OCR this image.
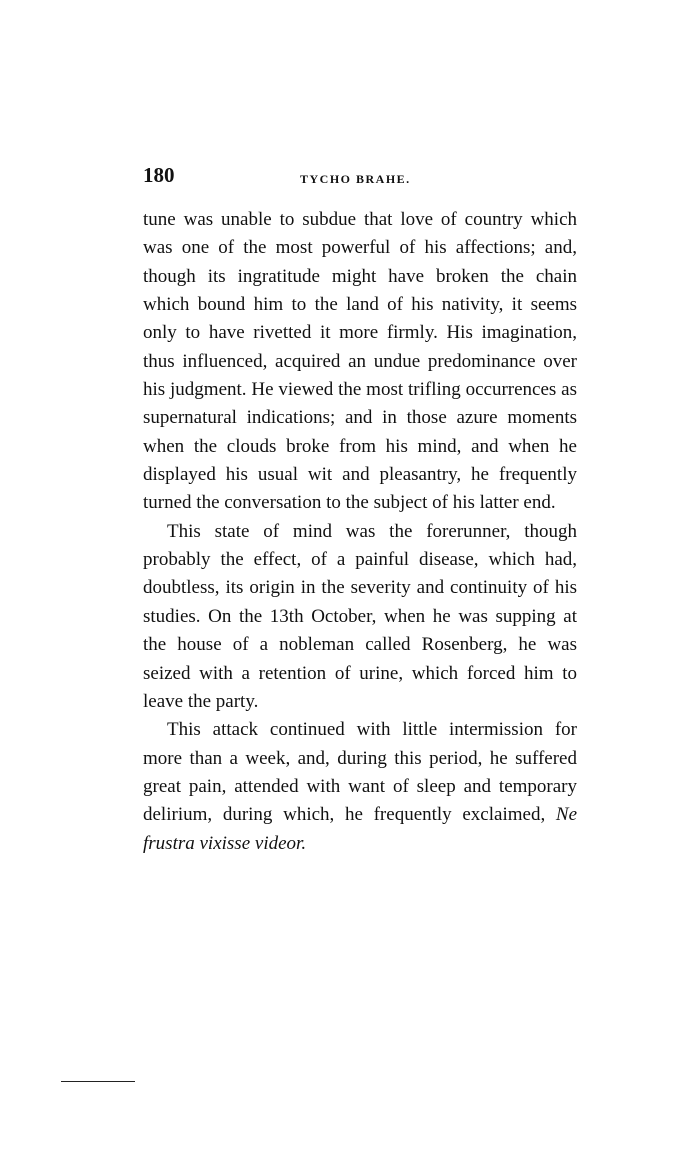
180	TYCHO BRAHE.

tune was unable to subdue that love of country which was one of the most powerful of his affections; and, though its ingratitude might have broken the chain which bound him to the land of his nativity, it seems only to have rivetted it more firmly. His imagination, thus influenced, acquired an undue predominance over his judgment. He viewed the most trifling occurrences as supernatural indications; and in those azure moments when the clouds broke from his mind, and when he displayed his usual wit and pleasantry, he frequently turned the conversation to the subject of his latter end.

This state of mind was the forerunner, though probably the effect, of a painful disease, which had, doubtless, its origin in the severity and continuity of his studies. On the 13th October, when he was supping at the house of a nobleman called Rosenberg, he was seized with a retention of urine, which forced him to leave the party.

This attack continued with little intermission for more than a week, and, during this period, he suffered great pain, attended with want of sleep and temporary delirium, during which, he frequently exclaimed, Ne frustra vixisse videor.
